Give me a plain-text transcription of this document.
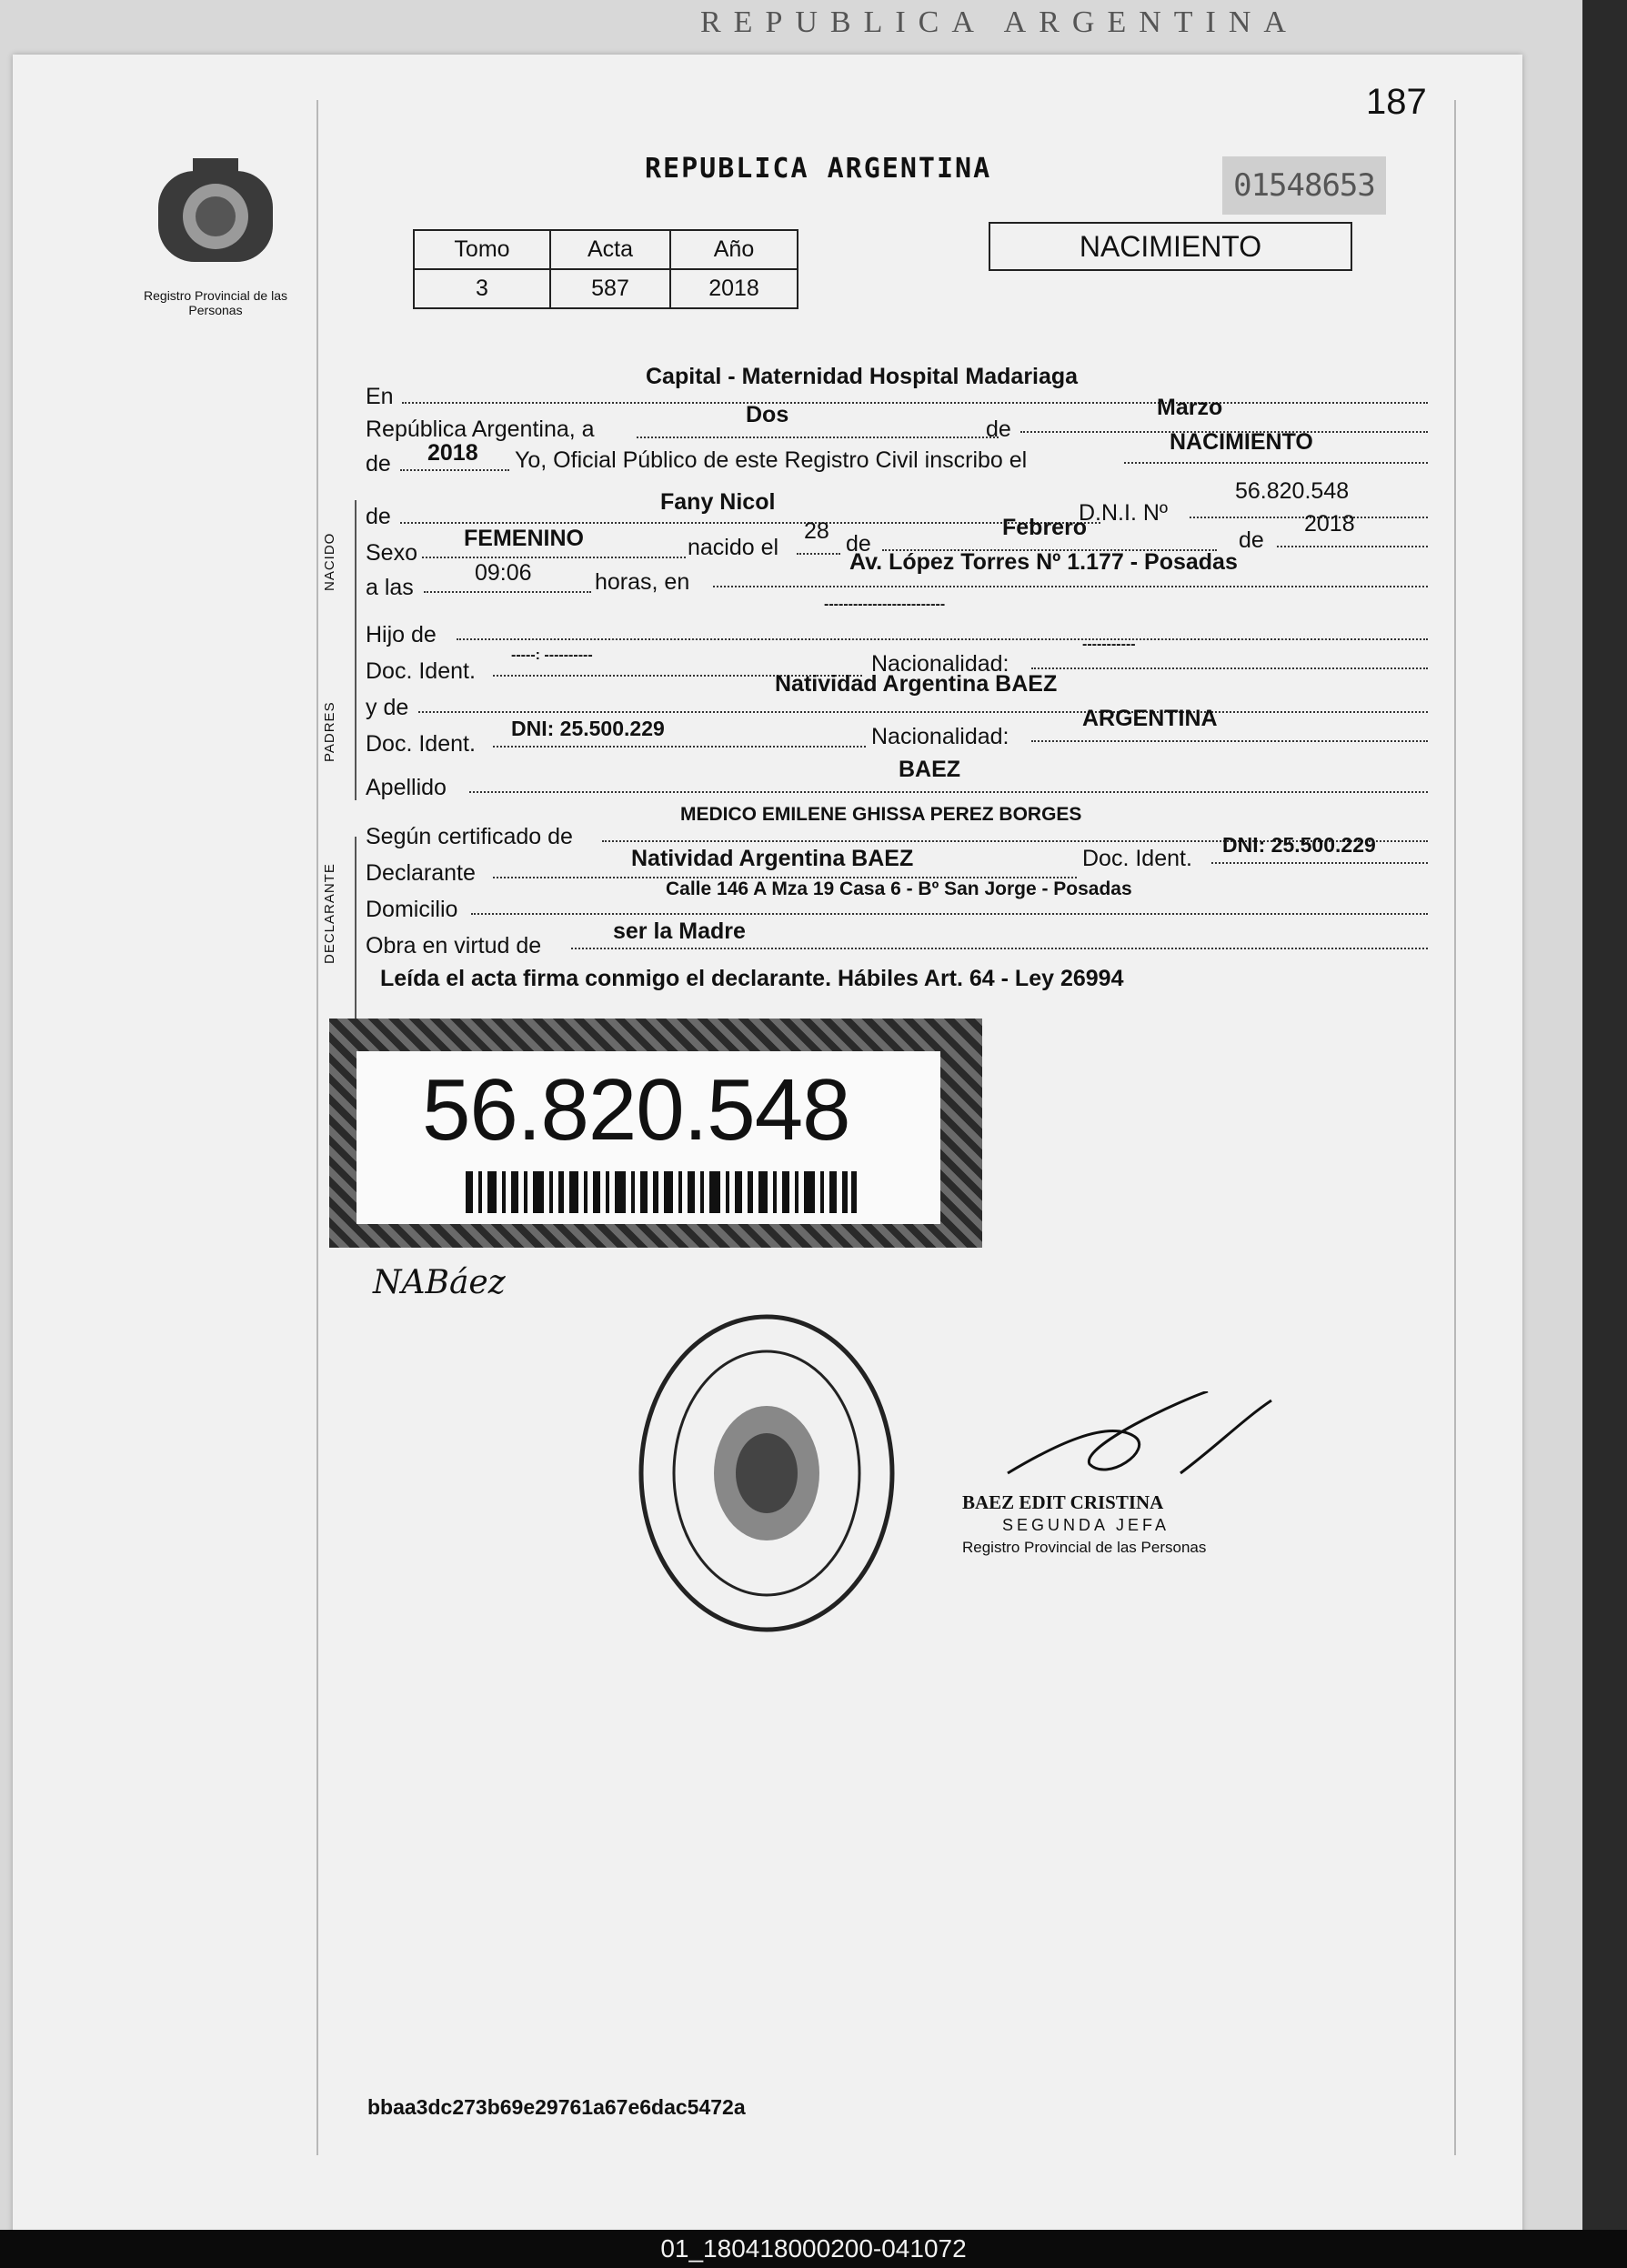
REPUBLICA ARGENTINA
187
01548653
Registro Provincial de las Personas
REPUBLICA ARGENTINA
Tomo	Acta	Año
3	587	2018
NACIMIENTO
En
Capital - Maternidad Hospital Madariaga
República Argentina, a
Dos
de
Marzo
de 2018 Yo, Oficial Público de este Registro Civil inscribo el
NACIMIENTO
NACIDO
de
Fany Nicol	D.N.I. Nº
56.820.548
Sexo
FEMENINO	nacido el
28 de
Febrero	de
2018
a las
09:06	horas, en
Av. López Torres Nº 1.177 - Posadas
PADRES
Hijo de
-------------------------
Doc. Ident.
-----: ----------	Nacionalidad:
-----------
y de
Natividad Argentina BAEZ
Doc. Ident.
DNI: 25.500.229	Nacionalidad:
ARGENTINA
Apellido
BAEZ
DECLARANTE
Según certificado de
MEDICO EMILENE GHISSA PEREZ BORGES
Declarante
Natividad Argentina BAEZ	Doc. Ident.
DNI: 25.500.229
Domicilio
Calle 146 A Mza 19 Casa 6 - Bº San Jorge - Posadas
Obra en virtud de
ser la Madre
Leída el acta firma conmigo el declarante. Hábiles Art. 64 - Ley 26994
56.820.548
NABáez
BAEZ EDIT CRISTINA
SEGUNDA JEFA
Registro Provincial de las Personas
bbaa3dc273b69e29761a67e6dac5472a
01_180418000200-041072
